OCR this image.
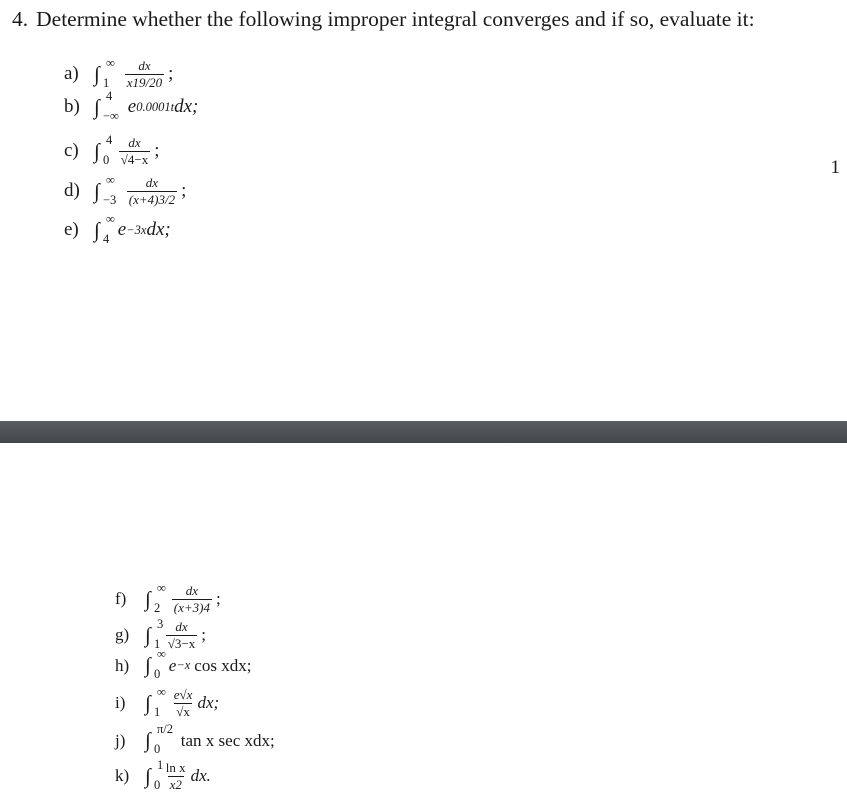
4. Determine whether the following improper integral converges and if so, evaluate it:
1
a) ∫ ∞
$1 \frac{dx}{x19/20}$ ;
b) ∫ 4
−∞ e 0.0001t dx;
c) ∫ 4
$0 \frac{dx}{√4-x}$ ;
d) ∫ ∞
$-3 \frac{dx}{(x+4)3/2}$ ;
e) ∫ ∞
4 e −3x dx;
f) ∫ ∞
$2 \frac{dx}{(x+3)4}$ ;
g) ∫ 3
$1 \frac{dx}{√3-x}$ ;
h) ∫ ∞
0 e −x cos xdx;
i) ∫ ∞
$1 \frac{e√x}{√x}$ dx;
j) ∫ π/2
0 tan x sec xdx;
k) ∫ 1
$0 \frac{\text{ln x}}{x2}$ dx.
